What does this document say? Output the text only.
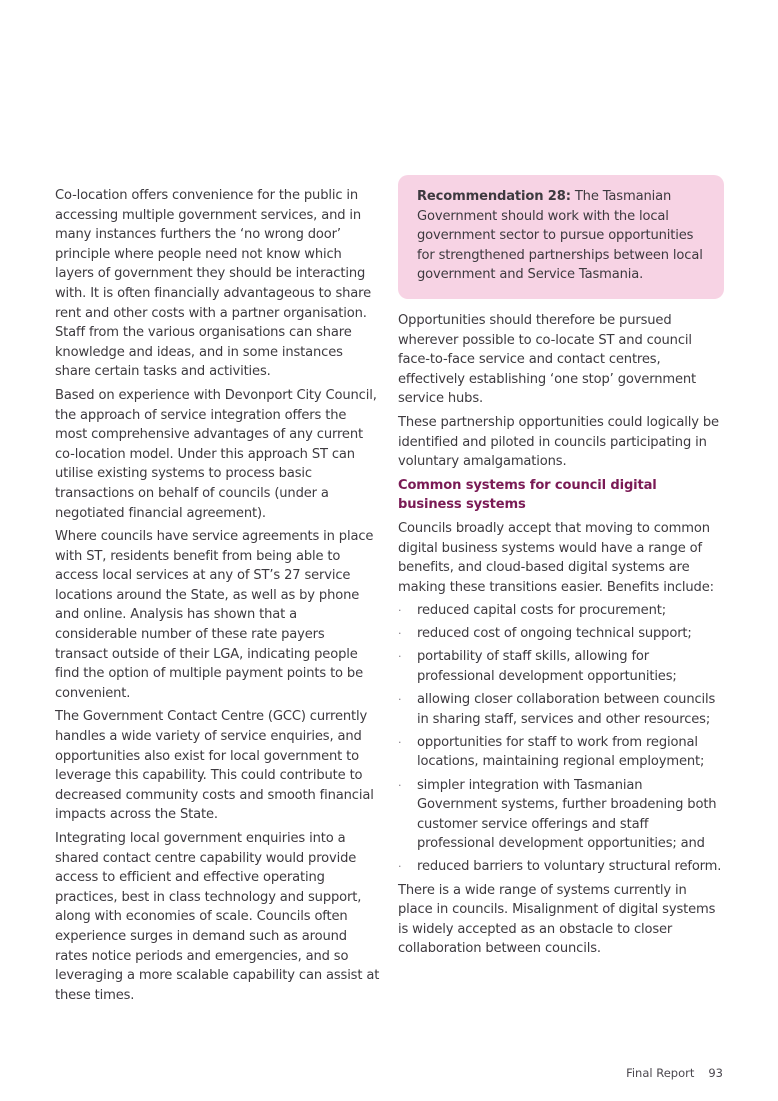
Co-location offers convenience for the public in accessing multiple government services, and in many instances furthers the ‘no wrong door’ principle where people need not know which layers of government they should be interacting with. It is often financially advantageous to share rent and other costs with a partner organisation. Staff from the various organisations can share knowledge and ideas, and in some instances share certain tasks and activities.

Based on experience with Devonport City Council, the approach of service integration offers the most comprehensive advantages of any current co-location model. Under this approach ST can utilise existing systems to process basic transactions on behalf of councils (under a negotiated financial agreement).

Where councils have service agreements in place with ST, residents benefit from being able to access local services at any of ST’s 27 service locations around the State, as well as by phone and online. Analysis has shown that a considerable number of these rate payers transact outside of their LGA, indicating people find the option of multiple payment points to be convenient.

The Government Contact Centre (GCC) currently handles a wide variety of service enquiries, and opportunities also exist for local government to leverage this capability. This could contribute to decreased community costs and smooth financial impacts across the State.

Integrating local government enquiries into a shared contact centre capability would provide access to efficient and effective operating practices, best in class technology and support, along with economies of scale. Councils often experience surges in demand such as around rates notice periods and emergencies, and so leveraging a more scalable capability can assist at these times.

Recommendation 28: The Tasmanian Government should work with the local government sector to pursue opportunities for strengthened partnerships between local government and Service Tasmania.

Opportunities should therefore be pursued wherever possible to co-locate ST and council face-to-face service and contact centres, effectively establishing ‘one stop’ government service hubs.

These partnership opportunities could logically be identified and piloted in councils participating in voluntary amalgamations.

Common systems for council digital business systems

Councils broadly accept that moving to common digital business systems would have a range of benefits, and cloud-based digital systems are making these transitions easier. Benefits include:

· reduced capital costs for procurement;
· reduced cost of ongoing technical support;
· portability of staff skills, allowing for professional development opportunities;
· allowing closer collaboration between councils in sharing staff, services and other resources;
· opportunities for staff to work from regional locations, maintaining regional employment;
· simpler integration with Tasmanian Government systems, further broadening both customer service offerings and staff professional development opportunities; and
· reduced barriers to voluntary structural reform.

There is a wide range of systems currently in place in councils. Misalignment of digital systems is widely accepted as an obstacle to closer collaboration between councils.

Final Report 93
